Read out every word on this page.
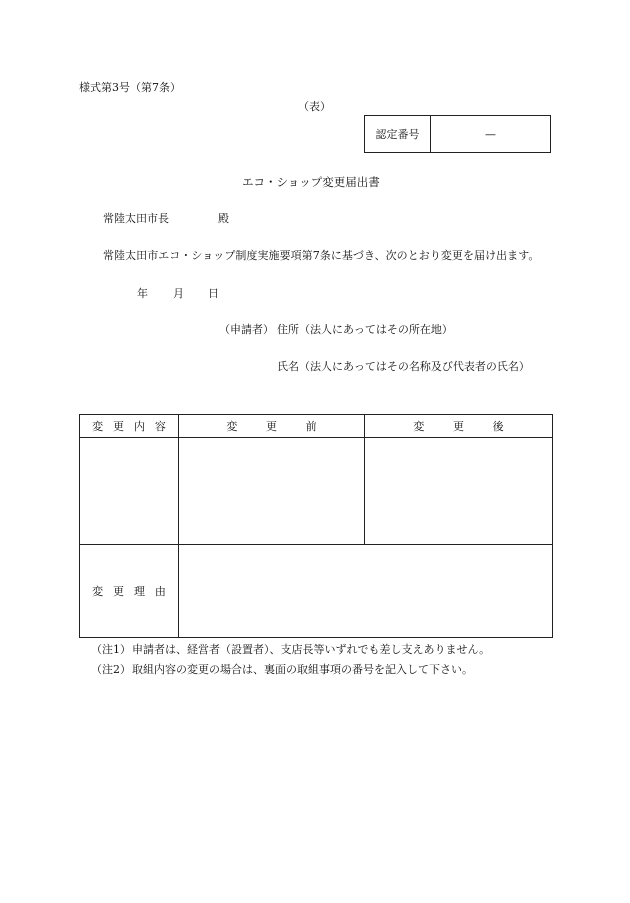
様式第3号（第7条）
（表）
認定番号	—
エコ・ショップ変更届出書
常陸太田市長	殿
常陸太田市エコ・ショップ制度実施要項第7条に基づき、次のとおり変更を届け出ます。
年 月 日
（申請者） 住所（法人にあってはその所在地）
氏名（法人にあってはその名称及び代表者の氏名）
変更内容	変更前	変更後

変更理由		
（注1）申請者は、経営者（設置者）、支店長等いずれでも差し支えありません。
（注2）取組内容の変更の場合は、裏面の取組事項の番号を記入して下さい。
